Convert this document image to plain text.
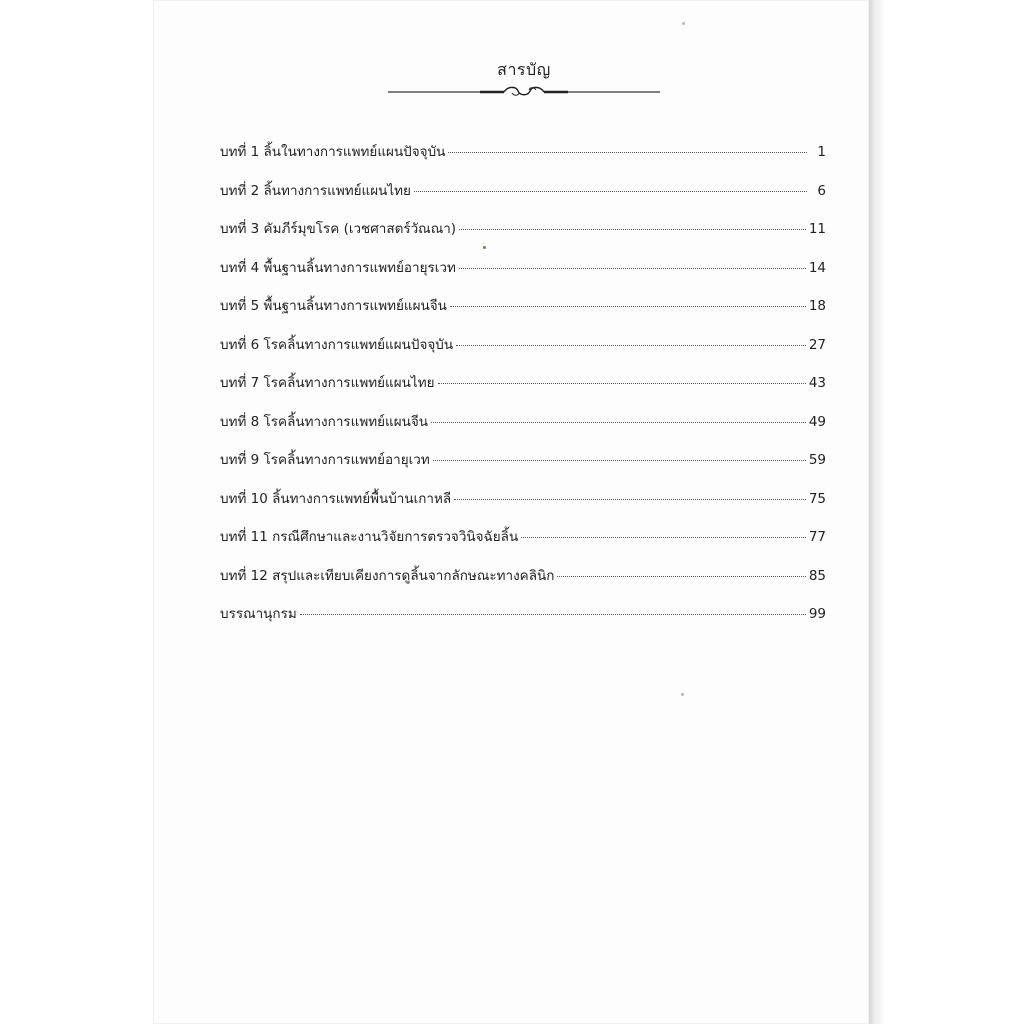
สารบัญ
บทที่ 1 ลิ้นในทางการแพทย์แผนปัจจุบัน	1
บทที่ 2 ลิ้นทางการแพทย์แผนไทย	6
บทที่ 3 คัมภีร์มุขโรค (เวชศาสตร์วัณณา)	11
บทที่ 4 พื้นฐานลิ้นทางการแพทย์อายุรเวท	14
บทที่ 5 พื้นฐานลิ้นทางการแพทย์แผนจีน	18
บทที่ 6 โรคลิ้นทางการแพทย์แผนปัจจุบัน	27
บทที่ 7 โรคลิ้นทางการแพทย์แผนไทย	43
บทที่ 8 โรคลิ้นทางการแพทย์แผนจีน	49
บทที่ 9 โรคลิ้นทางการแพทย์อายุเวท	59
บทที่ 10 ลิ้นทางการแพทย์พื้นบ้านเกาหลี	75
บทที่ 11 กรณีศึกษาและงานวิจัยการตรวจวินิจฉัยลิ้น	77
บทที่ 12 สรุปและเทียบเคียงการดูลิ้นจากลักษณะทางคลินิก	85
บรรณานุกรม	99
